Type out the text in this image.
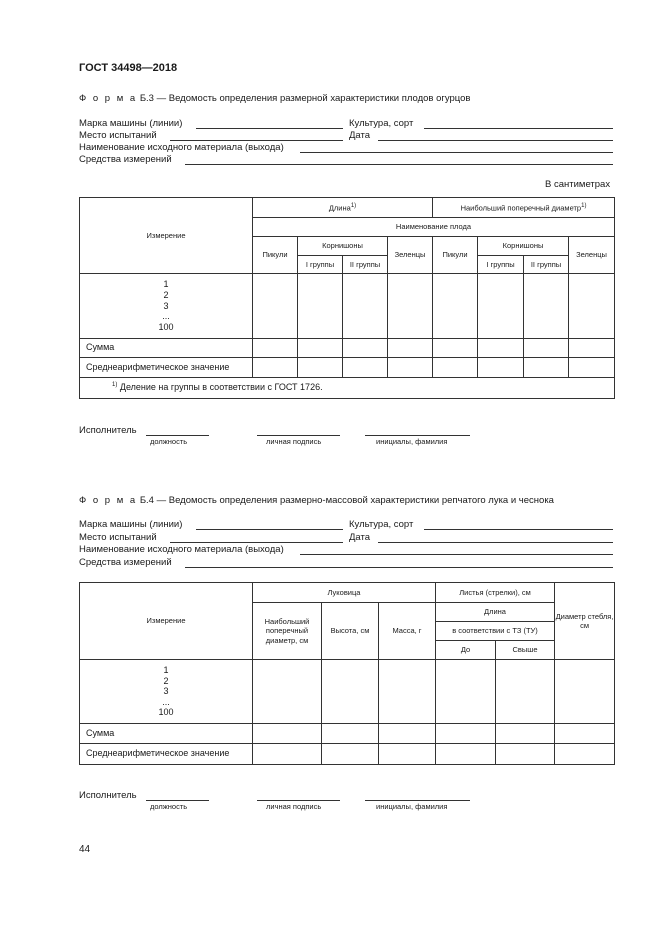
ГОСТ 34498—2018
Ф о р м а Б.3 — Ведомость определения размерной характеристики плодов огурцов
Марка машины (линии)	Культура, сорт
Место испытаний	Дата
Наименование исходного материала (выхода)
Средства измерений
В сантиметрах
Измерение	Длина$^{1)}$				Наибольший поперечный диаметр$^{1)}$
	Наименование плода							
	Пикули	Корнишоны		Зеленцы	Пикули	Корнишоны		Зеленцы
		I группы	II группы			I группы	II группы	

1
2
3
...
100								

Сумма								
Среднеарифметическое значение								
$^{1)}$ Деление на группы в соответствии с ГОСТ 1726.								
Исполнитель
должность	личная подпись	инициалы, фамилия
Ф о р м а Б.4 — Ведомость определения размерно-массовой характеристики репчатого лука и чеснока
Марка машины (линии)	Культура, сорт
Место испытаний	Дата
Наименование исходного материала (выхода)
Средства измерений
Измерение	Луковица			Листья (стрелки), см		Диаметр стебля, см
	Наибольший поперечный диаметр, см	Высота, см	Масса, г	Длина		
				в соответствии с ТЗ (ТУ)		
				До	Свыше	

1
2
3
...
100						

Сумма						
Среднеарифметическое значение						
Исполнитель
должность	личная подпись	инициалы, фамилия
44
